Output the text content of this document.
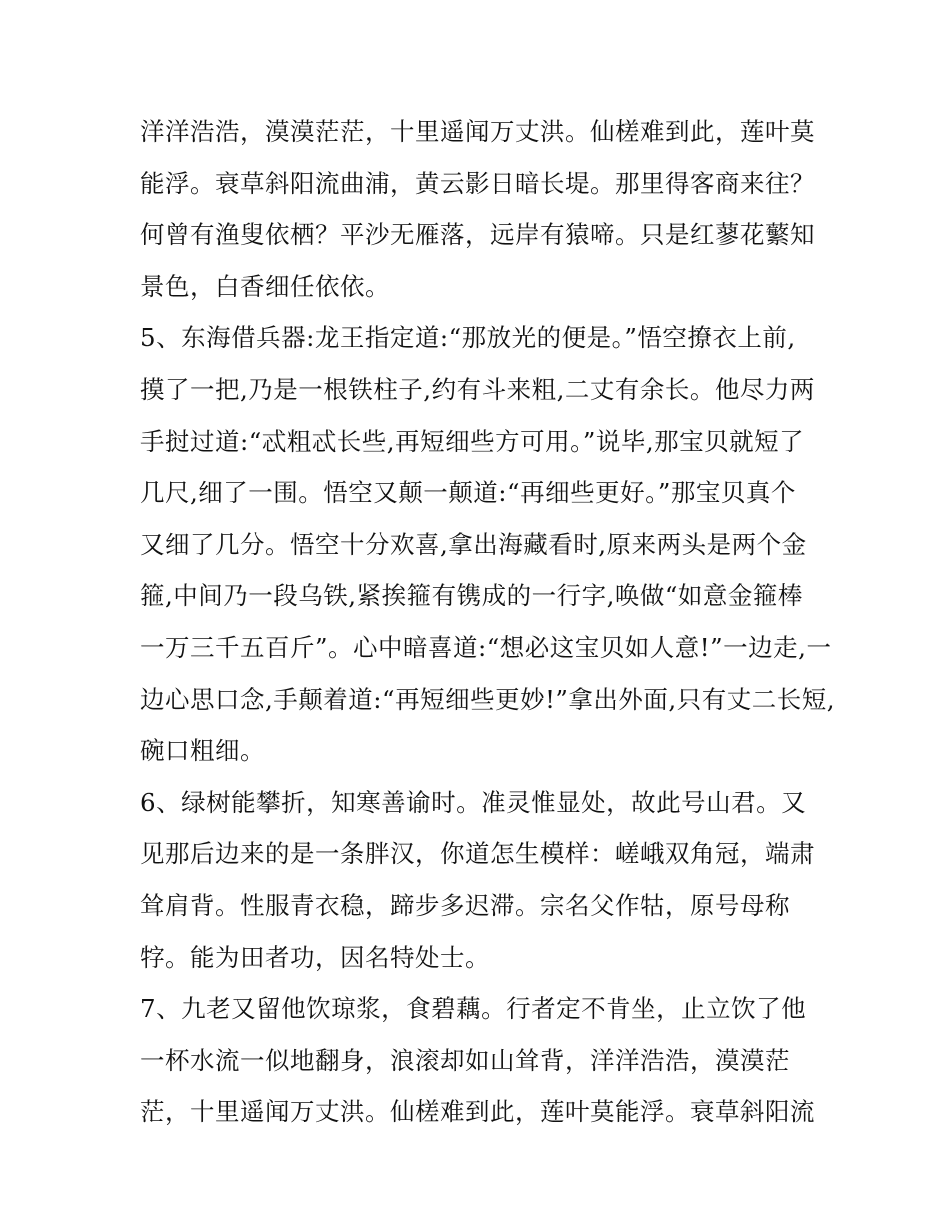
洋洋浩浩，漠漠茫茫，十里遥闻万丈洪。仙槎难到此，莲叶莫
能浮。衰草斜阳流曲浦，黄云影日暗长堤。那里得客商来往？
何曾有渔叟依栖？平沙无雁落，远岸有猿啼。只是红蓼花蘩知
景色，白香细任依依。
5、东海借兵器:龙王指定道:“那放光的便是。”悟空撩衣上前,
摸了一把,乃是一根铁柱子,约有斗来粗,二丈有余长。他尽力两
手挝过道:“忒粗忒长些,再短细些方可用。”说毕,那宝贝就短了
几尺,细了一围。悟空又颠一颠道:“再细些更好。”那宝贝真个
又细了几分。悟空十分欢喜,拿出海藏看时,原来两头是两个金
箍,中间乃一段乌铁,紧挨箍有镌成的一行字,唤做“如意金箍棒
一万三千五百斤”。心中暗喜道:“想必这宝贝如人意!”一边走,一
边心思口念,手颠着道:“再短细些更妙!”拿出外面,只有丈二长短,
碗口粗细。
6、绿树能攀折，知寒善谕时。准灵惟显处，故此号山君。又
见那后边来的是一条胖汉，你道怎生模样：嵯峨双角冠，端肃
耸肩背。性服青衣稳，蹄步多迟滞。宗名父作牯，原号母称
牸。能为田者功，因名特处士。
7、九老又留他饮琼浆，食碧藕。行者定不肯坐，止立饮了他
一杯水流一似地翻身，浪滚却如山耸背，洋洋浩浩，漠漠茫
茫，十里遥闻万丈洪。仙槎难到此，莲叶莫能浮。衰草斜阳流
